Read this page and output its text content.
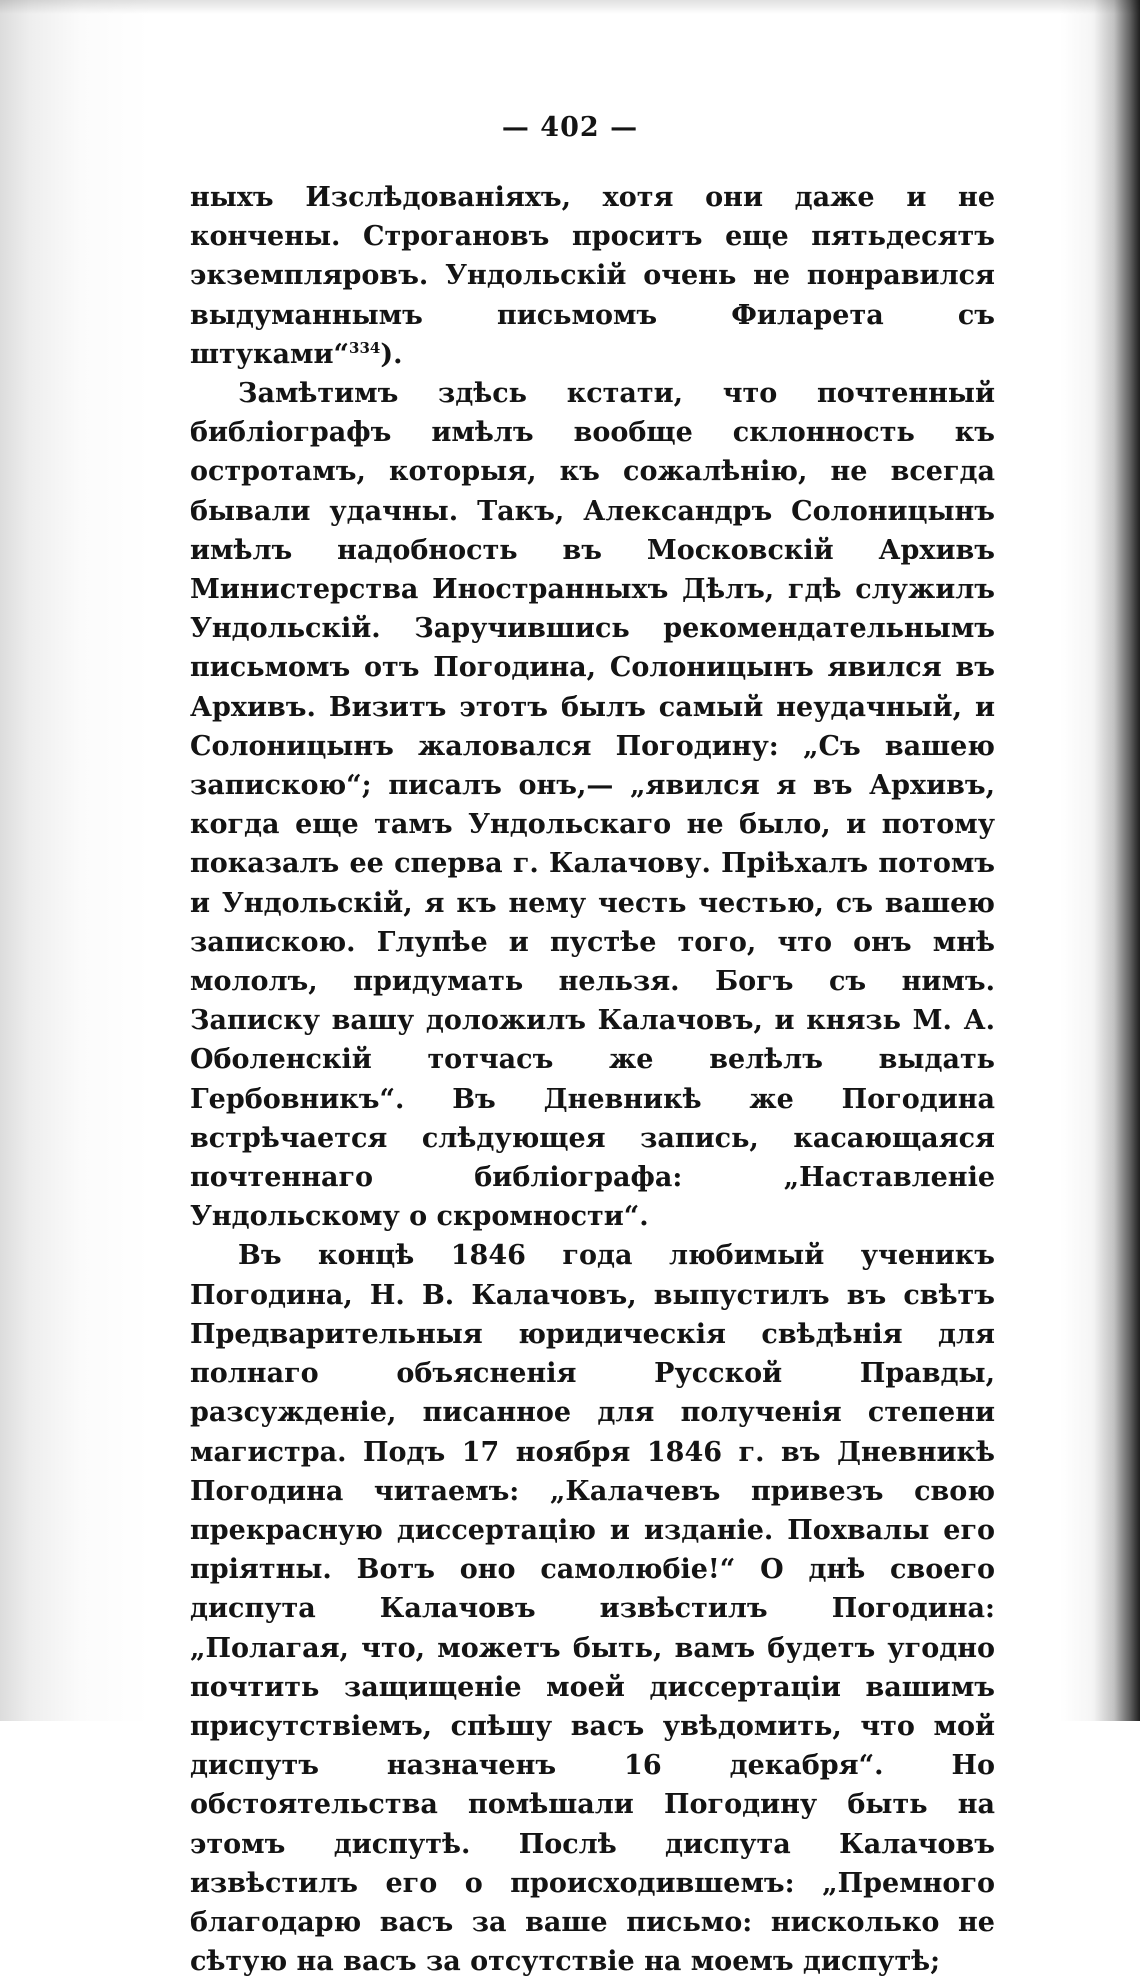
— 402 —

ныхъ Изслѣдованіяхъ, хотя они даже и не кончены. Строгановъ проситъ еще пятьдесятъ экземпляровъ. Ундольскій очень не понравился выдуманнымъ письмомъ Филарета съ штуками“$^{334}$).

Замѣтимъ здѣсь кстати, что почтенный библіографъ имѣлъ вообще склонность къ остротамъ, которыя, къ сожалѣнію, не всегда бывали удачны. Такъ, Александръ Солоницынъ имѣлъ надобность въ Московскій Архивъ Министерства Иностранныхъ Дѣлъ, гдѣ служилъ Ундольскій. Заручившись рекомендательнымъ письмомъ отъ Погодина, Солоницынъ явился въ Архивъ. Визитъ этотъ былъ самый неудачный, и Солоницынъ жаловался Погодину: „Съ вашею запискою“; писалъ онъ,— „явился я въ Архивъ, когда еще тамъ Ундольскаго не было, и потому показалъ ее сперва г. Калачову. Пріѣхалъ потомъ и Ундольскій, я къ нему честь честью, съ вашею запискою. Глупѣе и пустѣе того, что онъ мнѣ мололъ, придумать нельзя. Богъ съ нимъ. Записку вашу доложилъ Калачовъ, и князь М. А. Оболенскій тотчасъ же велѣлъ выдать Гербовникъ“. Въ Дневникѣ же Погодина встрѣчается слѣдующея запись, касающаяся почтеннаго библіографа: „Наставленіе Ундольскому о скромности“.

Въ концѣ 1846 года любимый ученикъ Погодина, Н. В. Калачовъ, выпустилъ въ свѣтъ Предварительныя юридическія свѣдѣнія для полнаго объясненія Русской Правды, разсужденіе, писанное для полученія степени магистра. Подъ 17 ноября 1846 г. въ Дневникѣ Погодина читаемъ: „Калачевъ привезъ свою прекрасную диссертацію и изданіе. Похвалы его пріятны. Вотъ оно самолюбіе!“ О днѣ своего диспута Калачовъ извѣстилъ Погодина: „Полагая, что, можетъ быть, вамъ будетъ угодно почтить защищеніе моей диссертаціи вашимъ присутствіемъ, спѣшу васъ увѣдомить, что мой диспутъ назначенъ 16 декабря“. Но обстоятельства помѣшали Погодину быть на этомъ диспутѣ. Послѣ диспута Калачовъ извѣстилъ его о происходившемъ: „Премного благодарю васъ за ваше письмо: нисколько не сѣтую на васъ за отсутствіе на моемъ диспутѣ;
